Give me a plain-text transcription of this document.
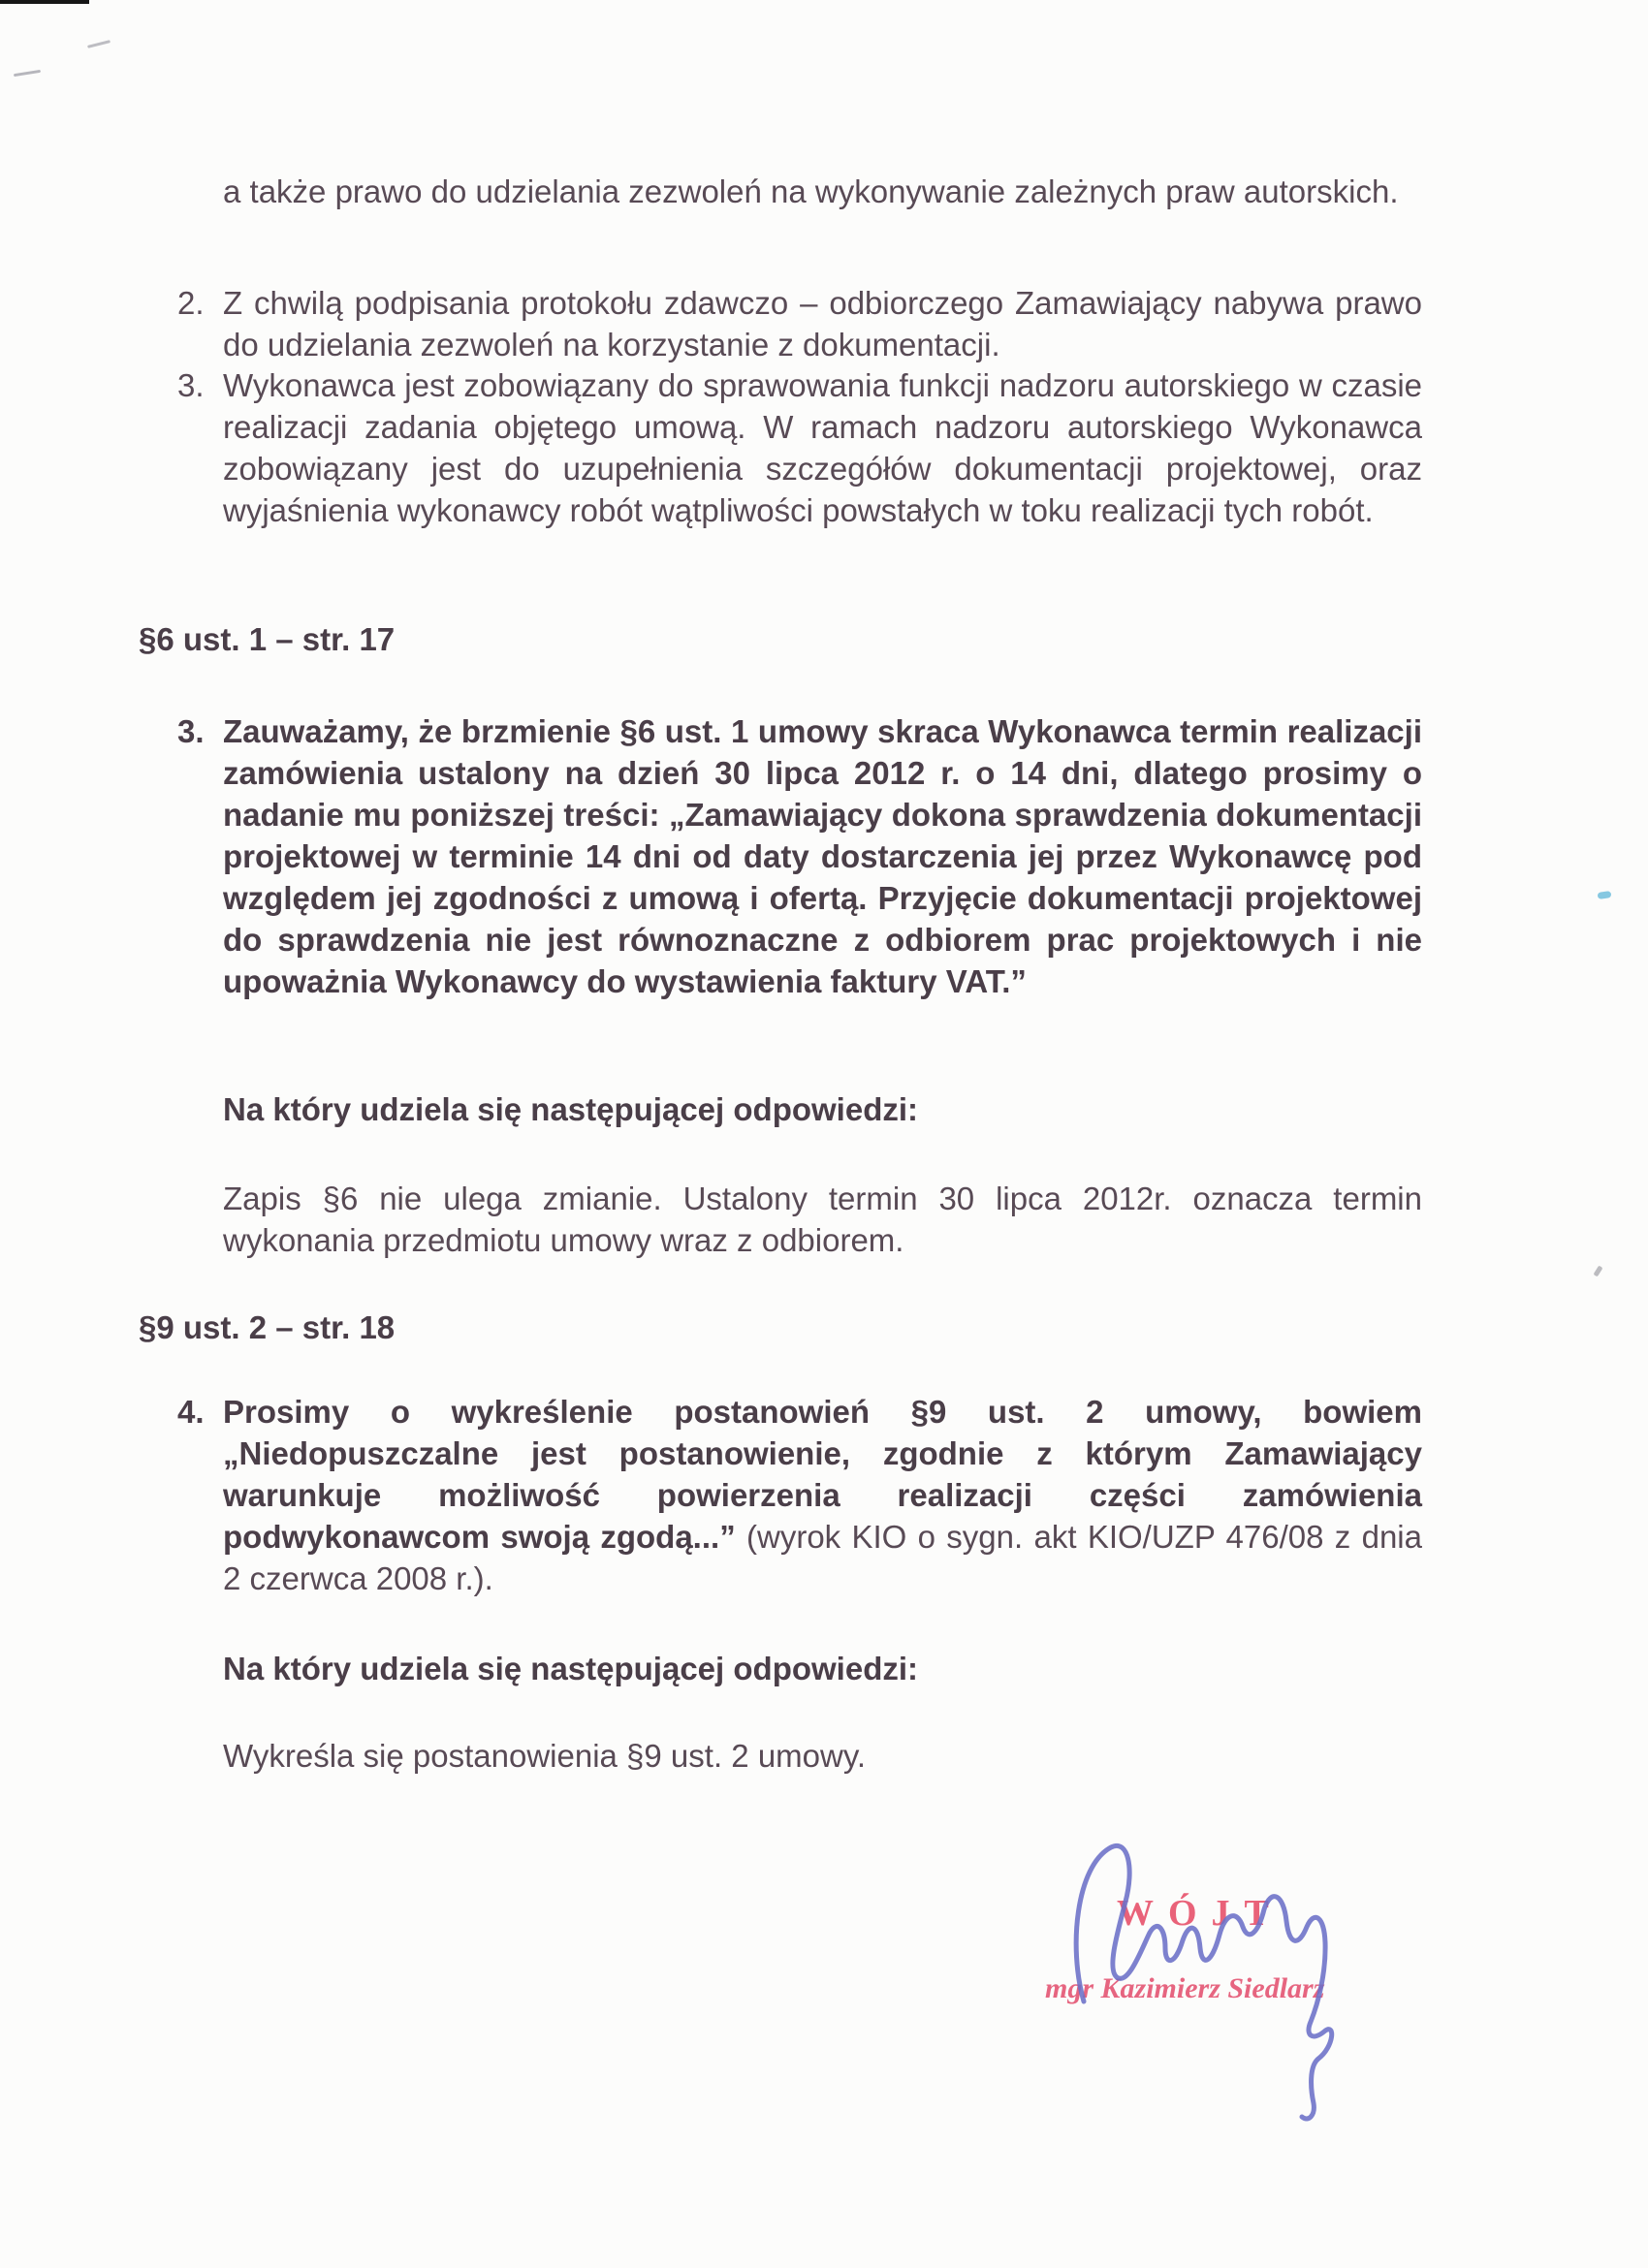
a także prawo do udzielania zezwoleń na wykonywanie zależnych praw autorskich.

2. Z chwilą podpisania protokołu zdawczo – odbiorczego Zamawiający nabywa prawo do udzielania zezwoleń na korzystanie z dokumentacji.

3. Wykonawca jest zobowiązany do sprawowania funkcji nadzoru autorskiego w czasie realizacji zadania objętego umową. W ramach nadzoru autorskiego Wykonawca zobowiązany jest do uzupełnienia szczegółów dokumentacji projektowej, oraz wyjaśnienia wykonawcy robót wątpliwości powstałych w toku realizacji tych robót.

§6 ust. 1 – str. 17

3. Zauważamy, że brzmienie §6 ust. 1 umowy skraca Wykonawca termin realizacji zamówienia ustalony na dzień 30 lipca 2012 r. o 14 dni, dlatego prosimy o nadanie mu poniższej treści: „Zamawiający dokona sprawdzenia dokumentacji projektowej w terminie 14 dni od daty dostarczenia jej przez Wykonawcę pod względem jej zgodności z umową i ofertą. Przyjęcie dokumentacji projektowej do sprawdzenia nie jest równoznaczne z odbiorem prac projektowych i nie upoważnia Wykonawcy do wystawienia faktury VAT.”

Na który udziela się następującej odpowiedzi:

Zapis §6 nie ulega zmianie. Ustalony termin 30 lipca 2012r. oznacza termin wykonania przedmiotu umowy wraz z odbiorem.

§9 ust. 2 – str. 18

4. Prosimy o wykreślenie postanowień §9 ust. 2 umowy, bowiem „Niedopuszczalne jest postanowienie, zgodnie z którym Zamawiający warunkuje możliwość powierzenia realizacji części zamówienia podwykonawcom swoją zgodą...” (wyrok KIO o sygn. akt KIO/UZP 476/08 z dnia 2 czerwca 2008 r.).

Na który udziela się następującej odpowiedzi:

Wykreśla się postanowienia §9 ust. 2 umowy.

WÓJT

mgr Kazimierz Siedlarz
